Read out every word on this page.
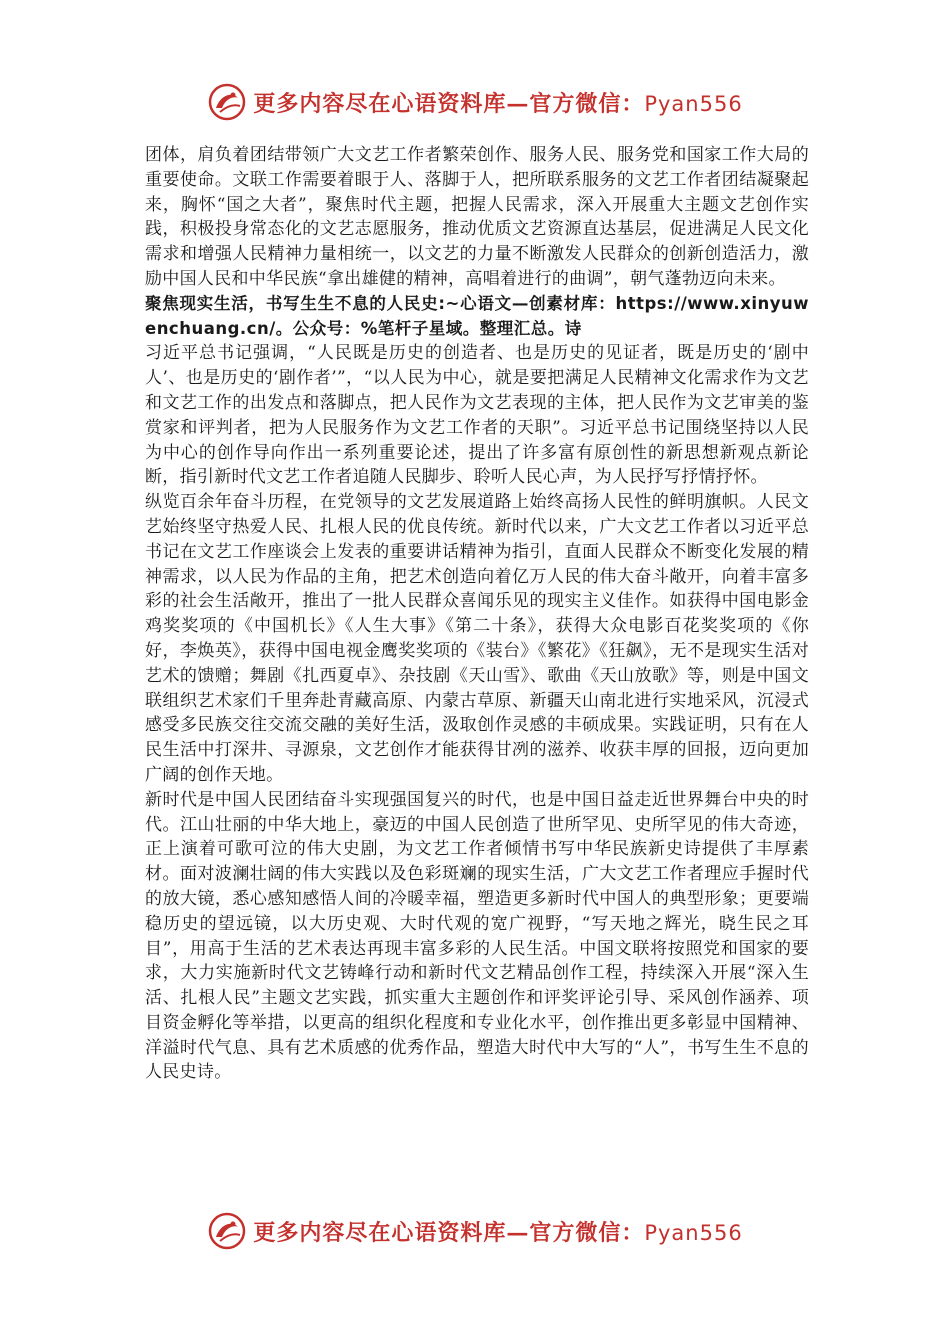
更多内容尽在心语资料库—官方微信：Pyan556

团体，肩负着团结带领广大文艺工作者繁荣创作、服务人民、服务党和国家工作大局的重要使命。文联工作需要着眼于人、落脚于人，把所联系服务的文艺工作者团结凝聚起来，胸怀“国之大者”，聚焦时代主题，把握人民需求，深入开展重大主题文艺创作实践，积极投身常态化的文艺志愿服务，推动优质文艺资源直达基层，促进满足人民文化需求和增强人民精神力量相统一，以文艺的力量不断激发人民群众的创新创造活力，激励中国人民和中华民族“拿出雄健的精神，高唱着进行的曲调”，朝气蓬勃迈向未来。

聚焦现实生活，书写生生不息的人民史:~心语文—创素材库：https://www.xinyuwenchuang.cn/。公众号：%笔杆子星域。整理汇总。诗

习近平总书记强调，“人民既是历史的创造者、也是历史的见证者，既是历史的‘剧中人’、也是历史的‘剧作者’”，“以人民为中心，就是要把满足人民精神文化需求作为文艺和文艺工作的出发点和落脚点，把人民作为文艺表现的主体，把人民作为文艺审美的鉴赏家和评判者，把为人民服务作为文艺工作者的天职”。习近平总书记围绕坚持以人民为中心的创作导向作出一系列重要论述，提出了许多富有原创性的新思想新观点新论断，指引新时代文艺工作者追随人民脚步、聆听人民心声，为人民抒写抒情抒怀。

纵览百余年奋斗历程，在党领导的文艺发展道路上始终高扬人民性的鲜明旗帜。人民文艺始终坚守热爱人民、扎根人民的优良传统。新时代以来，广大文艺工作者以习近平总书记在文艺工作座谈会上发表的重要讲话精神为指引，直面人民群众不断变化发展的精神需求，以人民为作品的主角，把艺术创造向着亿万人民的伟大奋斗敞开，向着丰富多彩的社会生活敞开，推出了一批人民群众喜闻乐见的现实主义佳作。如获得中国电影金鸡奖奖项的《中国机长》《人生大事》《第二十条》，获得大众电影百花奖奖项的《你好，李焕英》，获得中国电视金鹰奖奖项的《装台》《繁花》《狂飙》，无不是现实生活对艺术的馈赠；舞剧《扎西夏卓》、杂技剧《天山雪》、歌曲《天山放歌》等，则是中国文联组织艺术家们千里奔赴青藏高原、内蒙古草原、新疆天山南北进行实地采风，沉浸式感受多民族交往交流交融的美好生活，汲取创作灵感的丰硕成果。实践证明，只有在人民生活中打深井、寻源泉，文艺创作才能获得甘冽的滋养、收获丰厚的回报，迈向更加广阔的创作天地。

新时代是中国人民团结奋斗实现强国复兴的时代，也是中国日益走近世界舞台中央的时代。江山壮丽的中华大地上，豪迈的中国人民创造了世所罕见、史所罕见的伟大奇迹，正上演着可歌可泣的伟大史剧，为文艺工作者倾情书写中华民族新史诗提供了丰厚素材。面对波澜壮阔的伟大实践以及色彩斑斓的现实生活，广大文艺工作者理应手握时代的放大镜，悉心感知感悟人间的冷暖幸福，塑造更多新时代中国人的典型形象；更要端稳历史的望远镜，以大历史观、大时代观的宽广视野，“写天地之辉光，晓生民之耳目”，用高于生活的艺术表达再现丰富多彩的人民生活。中国文联将按照党和国家的要求，大力实施新时代文艺铸峰行动和新时代文艺精品创作工程，持续深入开展“深入生活、扎根人民”主题文艺实践，抓实重大主题创作和评奖评论引导、采风创作涵养、项目资金孵化等举措，以更高的组织化程度和专业化水平，创作推出更多彰显中国精神、洋溢时代气息、具有艺术质感的优秀作品，塑造大时代中大写的“人”，书写生生不息的人民史诗。

更多内容尽在心语资料库—官方微信：Pyan556
